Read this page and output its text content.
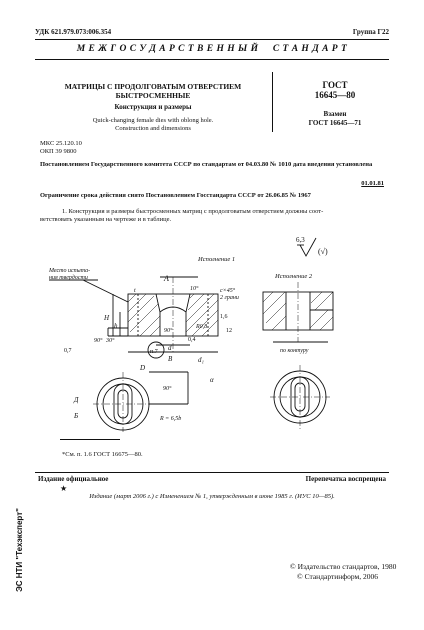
УДК 621.979.073:006.354	Группа Г22
М Е Ж Г О С У Д А Р С Т В Е Н Н Ы Й     С Т А Н Д А Р Т
МАТРИЦЫ С ПРОДОЛГОВАТЫМ ОТВЕРСТИЕМ
БЫСТРОСМЕННЫЕ
Конструкция и размеры
Quick-changing female dies with oblong hole.
Construction and dimensions
ГОСТ
16645—80
Взамен
ГОСТ 16645—71
МКС 25.120.10
ОКП 39 9800
Постановлением Государственного комитета СССР по стандартам от 04.03.80 № 1010 дата введения установлена
01.01.81
Ограничение срока действия снято Постановлением Госстандарта СССР от 26.06.85 № 1967
1. Конструкция и размеры быстросменных матриц с продолговатым отверстием должны соот-
ветствовать указанным на чертеже и в таблице.
6,3
(√)
Исполнение 1
Исполнение 2
Место испыта-
ния твердости	А
10°
H
h
d
B
t
90° 30°
90°
c×45°
2 грани
R0,8
1,6
0,4
12
0,7
D
d₁
α
90°
по контуру
п.7
Д
Б	R = 6,5b
*См. п. 1.6 ГОСТ 16675—80.
Издание официальное	Перепечатка воспрещена
★
Издание (март 2006 г.) с Изменением № 1, утвержденным в июне 1985 г. (ИУС 10—85).
© Издательство стандартов, 1980
© Стандартинформ, 2006
ЭС НТИ "Техэксперт"
